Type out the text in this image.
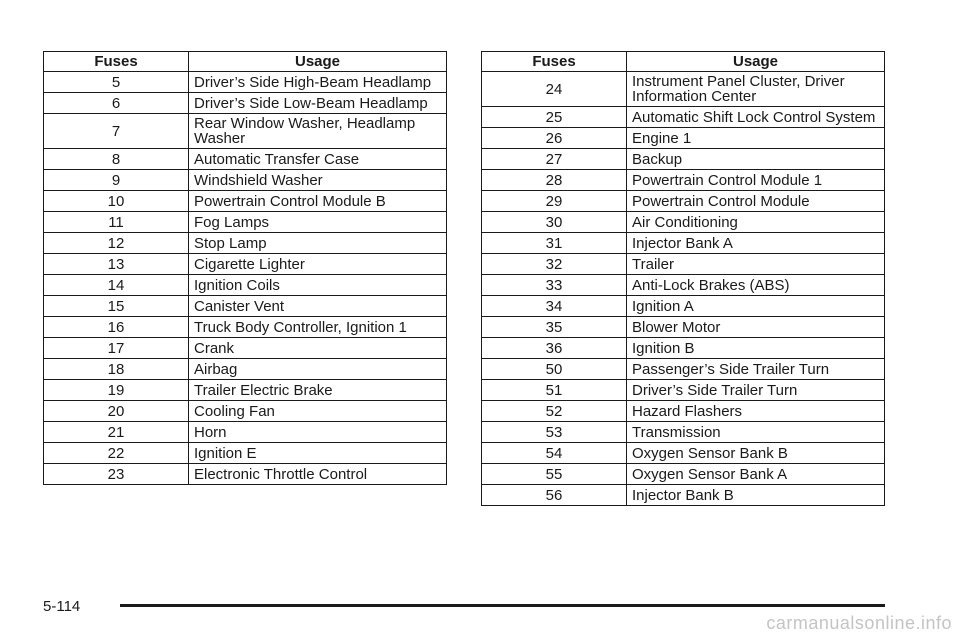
Fuses	Usage
5	Driver’s Side High-Beam Headlamp
6	Driver’s Side Low-Beam Headlamp
7	Rear Window Washer, Headlamp Washer
8	Automatic Transfer Case
9	Windshield Washer
10	Powertrain Control Module B
11	Fog Lamps
12	Stop Lamp
13	Cigarette Lighter
14	Ignition Coils
15	Canister Vent
16	Truck Body Controller, Ignition 1
17	Crank
18	Airbag
19	Trailer Electric Brake
20	Cooling Fan
21	Horn
22	Ignition E
23	Electronic Throttle Control
Fuses	Usage
24	Instrument Panel Cluster, Driver Information Center
25	Automatic Shift Lock Control System
26	Engine 1
27	Backup
28	Powertrain Control Module 1
29	Powertrain Control Module
30	Air Conditioning
31	Injector Bank A
32	Trailer
33	Anti-Lock Brakes (ABS)
34	Ignition A
35	Blower Motor
36	Ignition B
50	Passenger’s Side Trailer Turn
51	Driver’s Side Trailer Turn
52	Hazard Flashers
53	Transmission
54	Oxygen Sensor Bank B
55	Oxygen Sensor Bank A
56	Injector Bank B
5-114
carmanualsonline.info
